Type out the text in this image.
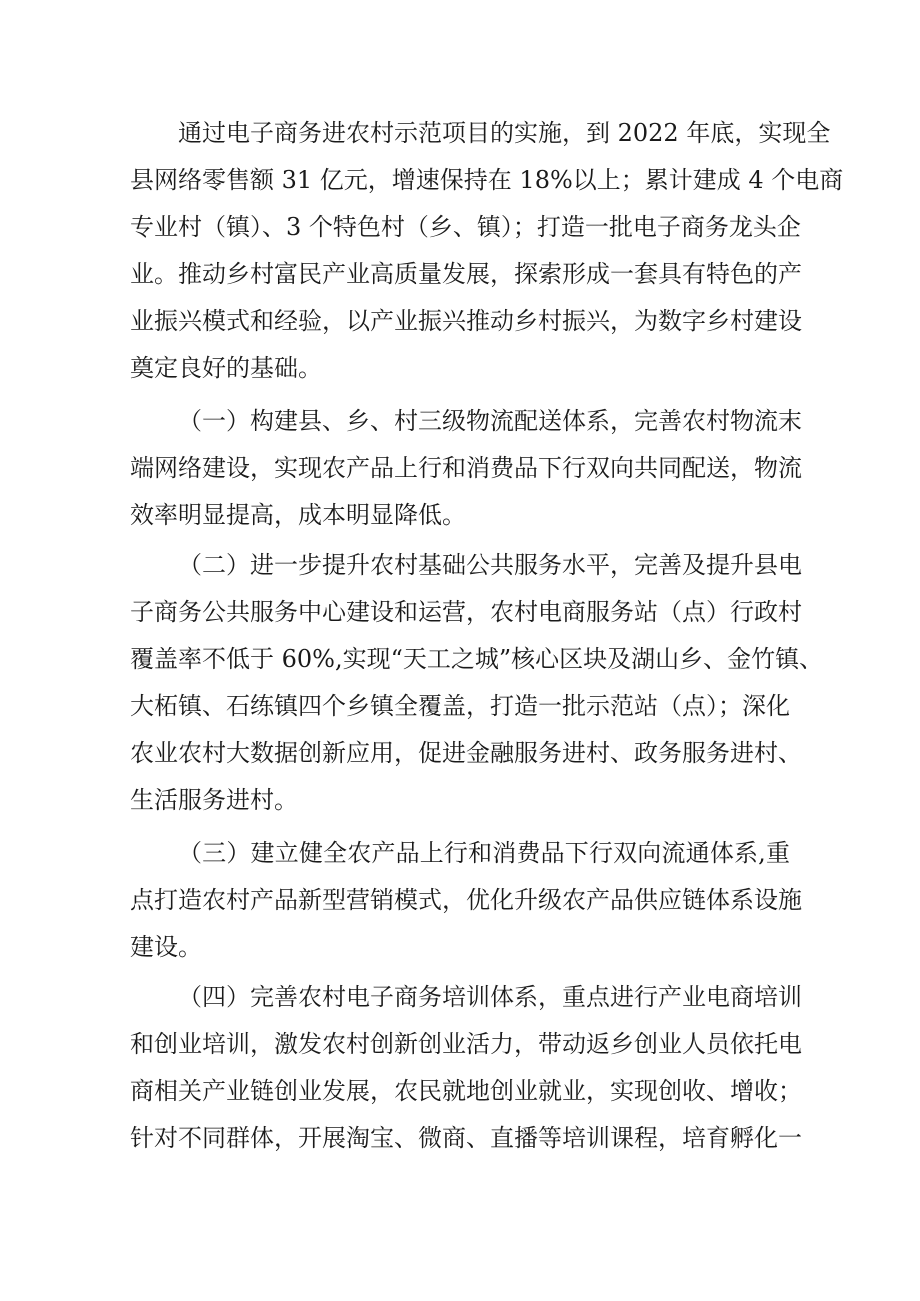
通过电子商务进农村示范项目的实施，到 2022 年底，实现全
县网络零售额 31 亿元，增速保持在 18%以上；累计建成 4 个电商
专业村（镇）、3 个特色村（乡、镇）；打造一批电子商务龙头企
业。推动乡村富民产业高质量发展，探索形成一套具有特色的产
业振兴模式和经验，以产业振兴推动乡村振兴，为数字乡村建设
奠定良好的基础。
（一）构建县、乡、村三级物流配送体系，完善农村物流末
端网络建设，实现农产品上行和消费品下行双向共同配送，物流
效率明显提高，成本明显降低。
（二）进一步提升农村基础公共服务水平，完善及提升县电
子商务公共服务中心建设和运营，农村电商服务站（点）行政村
覆盖率不低于 60%,实现“天工之城”核心区块及湖山乡、金竹镇、
大柘镇、石练镇四个乡镇全覆盖，打造一批示范站（点）；深化
农业农村大数据创新应用，促进金融服务进村、政务服务进村、
生活服务进村。
（三）建立健全农产品上行和消费品下行双向流通体系,重
点打造农村产品新型营销模式，优化升级农产品供应链体系设施
建设。
（四）完善农村电子商务培训体系，重点进行产业电商培训
和创业培训，激发农村创新创业活力，带动返乡创业人员依托电
商相关产业链创业发展，农民就地创业就业，实现创收、增收；
针对不同群体，开展淘宝、微商、直播等培训课程，培育孵化一
